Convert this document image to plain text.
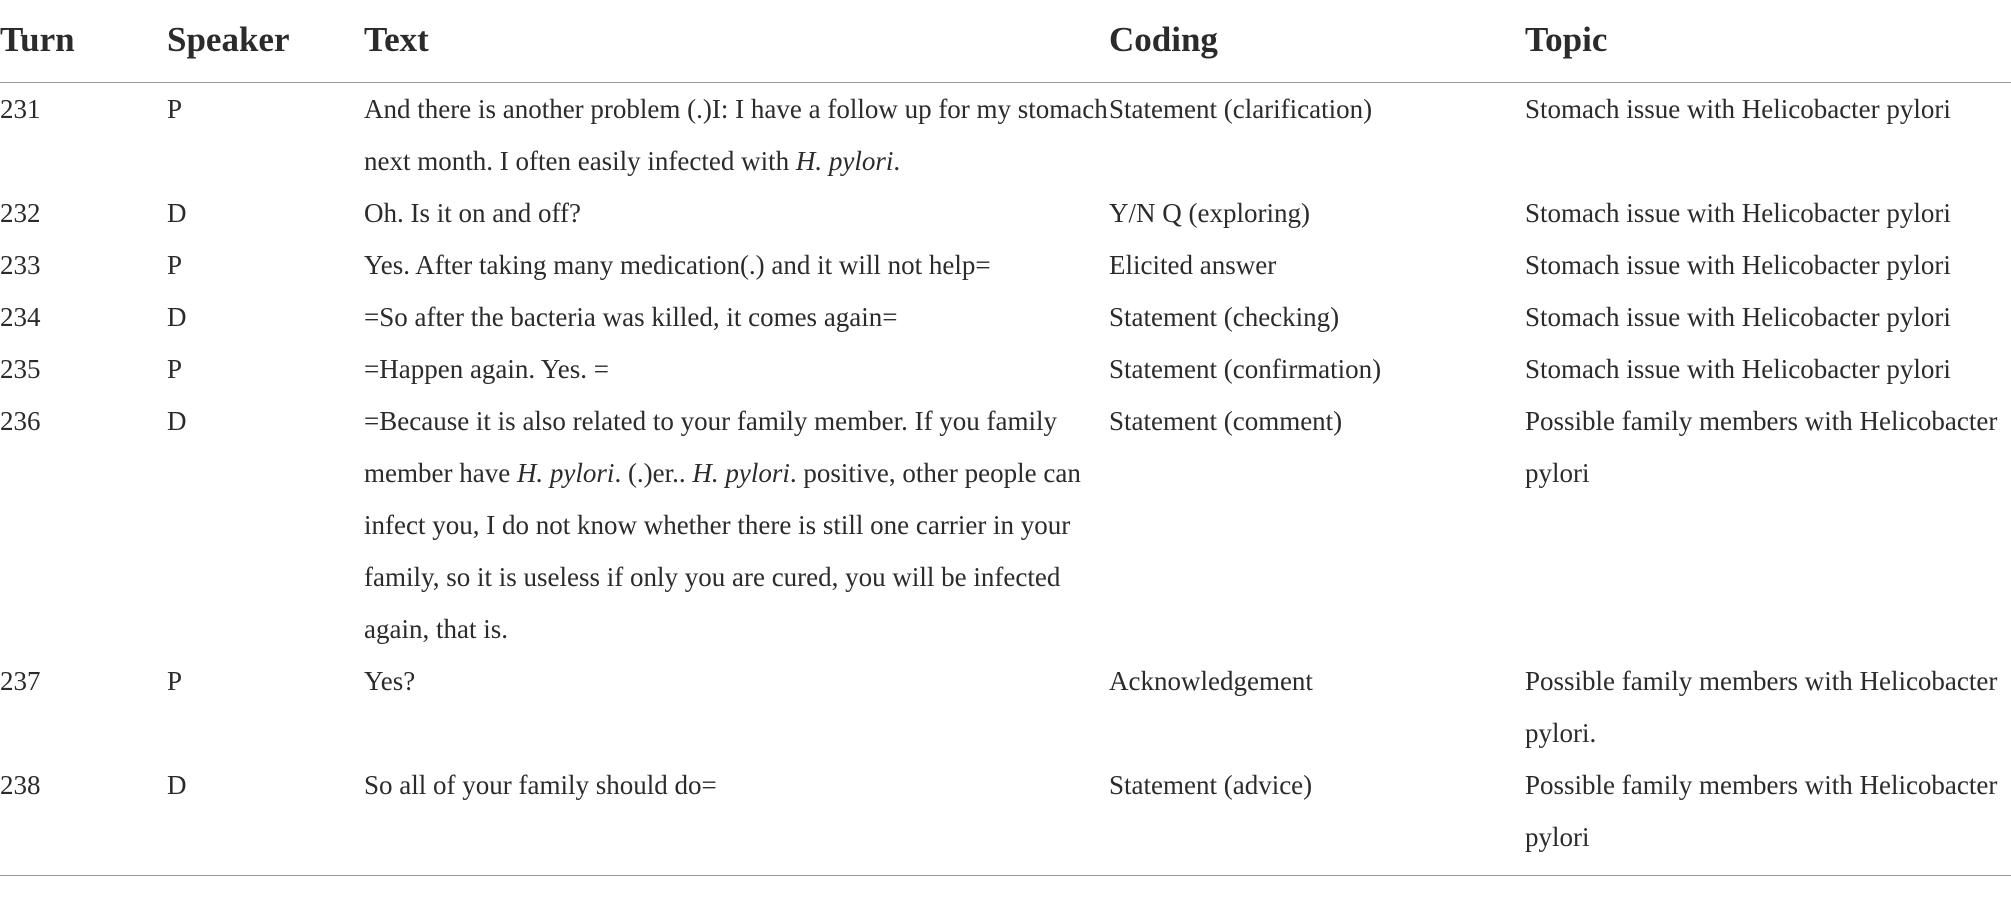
Turn	Speaker	Text	Coding	Topic

231	P	And there is another problem (.)I: I have a follow up for my stomach next month. I often easily infected with H. pylori.	Statement (clarification)	Stomach issue with Helicobacter pylori
232	D	Oh. Is it on and off?	Y/N Q (exploring)	Stomach issue with Helicobacter pylori
233	P	Yes. After taking many medication(.) and it will not help=	Elicited answer	Stomach issue with Helicobacter pylori
234	D	=So after the bacteria was killed, it comes again=	Statement (checking)	Stomach issue with Helicobacter pylori
235	P	=Happen again. Yes. =	Statement (confirmation)	Stomach issue with Helicobacter pylori
236	D	=Because it is also related to your family member. If you family member have H. pylori. (.)er.. H. pylori. positive, other people can infect you, I do not know whether there is still one carrier in your family, so it is useless if only you are cured, you will be infected again, that is.	Statement (comment)	Possible family members with Helicobacter pylori
237	P	Yes?	Acknowledgement	Possible family members with Helicobacter pylori.
238	D	So all of your family should do=	Statement (advice)	Possible family members with Helicobacter pylori
